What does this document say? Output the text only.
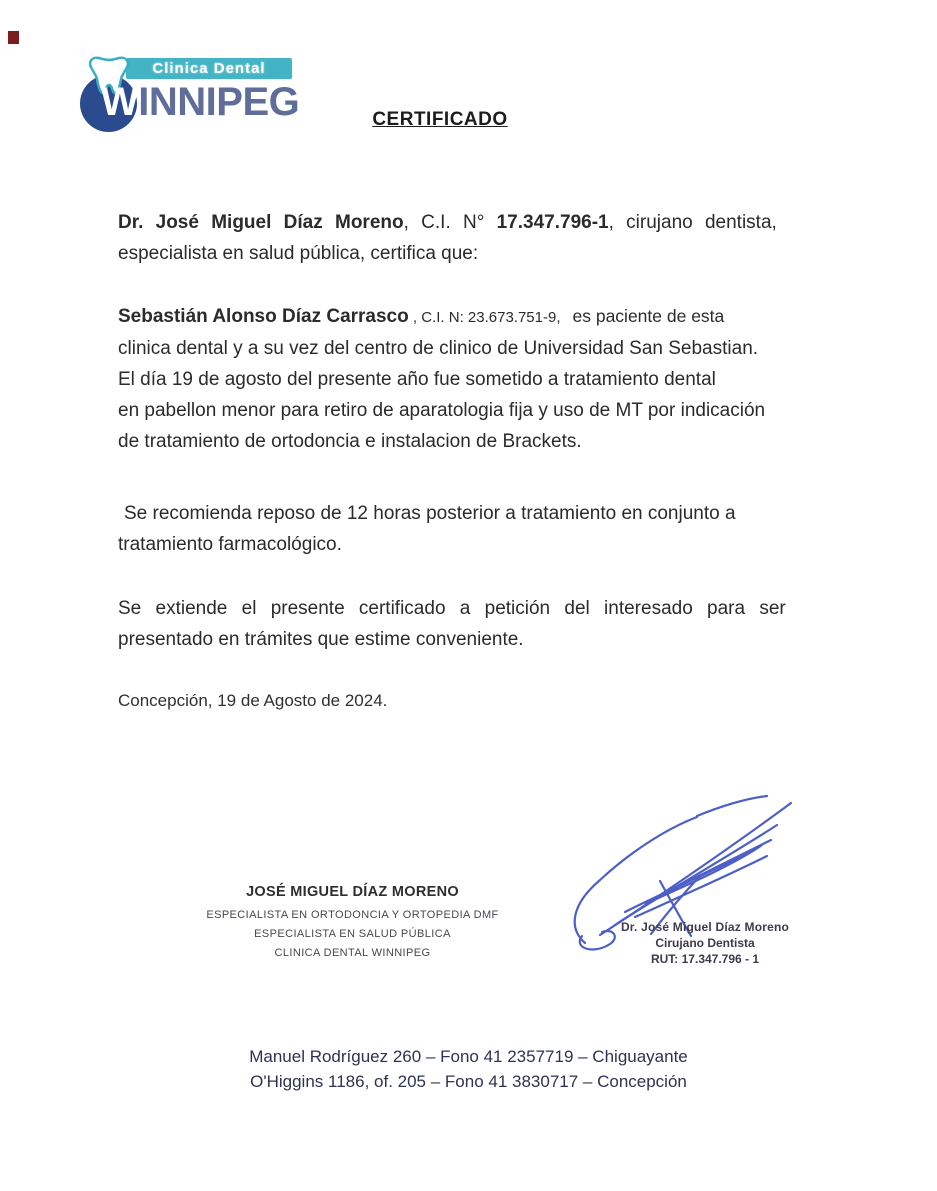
Clinica Dental
WINNIPEG	CERTIFICADO
Dr. José Miguel Díaz Moreno, C.I. N° 17.347.796-1, cirujano dentista,
especialista en salud pública, certifica que:
Sebastián Alonso Díaz Carrasco , C.I. N: 23.673.751-9, es paciente de esta
clinica dental y a su vez del centro de clinico de Universidad San Sebastian.
El día 19 de agosto del presente año fue sometido a tratamiento dental
en pabellon menor para retiro de aparatologia fija y uso de MT por indicación
de tratamiento de ortodoncia e instalacion de Brackets.
Se recomienda reposo de 12 horas posterior a tratamiento en conjunto a
tratamiento farmacológico.
Se extiende el presente certificado a petición del interesado para ser
presentado en trámites que estime conveniente.
Concepción, 19 de Agosto de 2024.
JOSÉ MIGUEL DÍAZ MORENO
ESPECIALISTA EN ORTODONCIA Y ORTOPEDIA DMF
ESPECIALISTA EN SALUD PÚBLICA
CLINICA DENTAL WINNIPEG
Dr. José Miguel Díaz Moreno
Cirujano Dentista
RUT: 17.347.796 - 1
Manuel Rodríguez 260 – Fono 41 2357719 – Chiguayante
O'Higgins 1186, of. 205 – Fono 41 3830717 – Concepción
